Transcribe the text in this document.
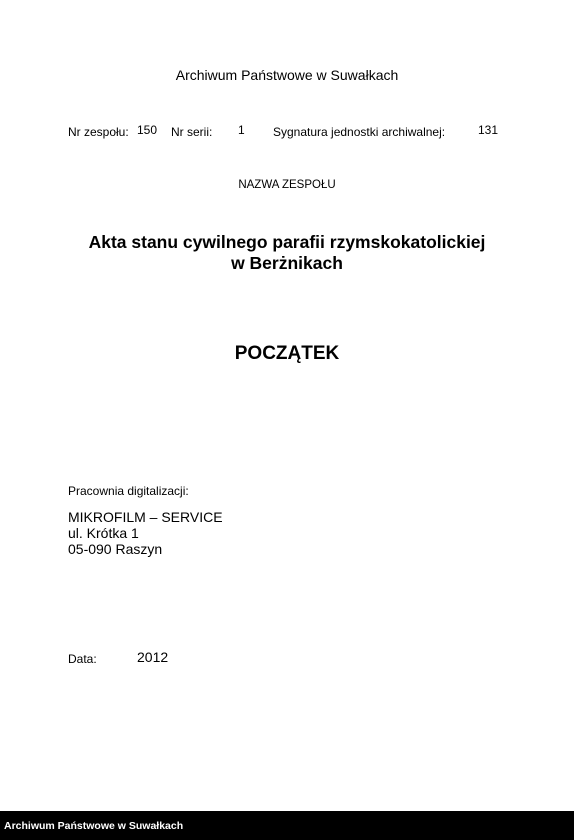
Archiwum Państwowe w Suwałkach
Nr zespołu: 150 Nr serii: 1 Sygnatura jednostki archiwalnej:	131
NAZWA ZESPOŁU
Akta stanu cywilnego parafii rzymskokatolickiej
w Berżnikach
POCZĄTEK
Pracownia digitalizacji:
MIKROFILM – SERVICE
ul. Krótka 1
05-090 Raszyn
Data:	2012
Archiwum Państwowe w Suwałkach
